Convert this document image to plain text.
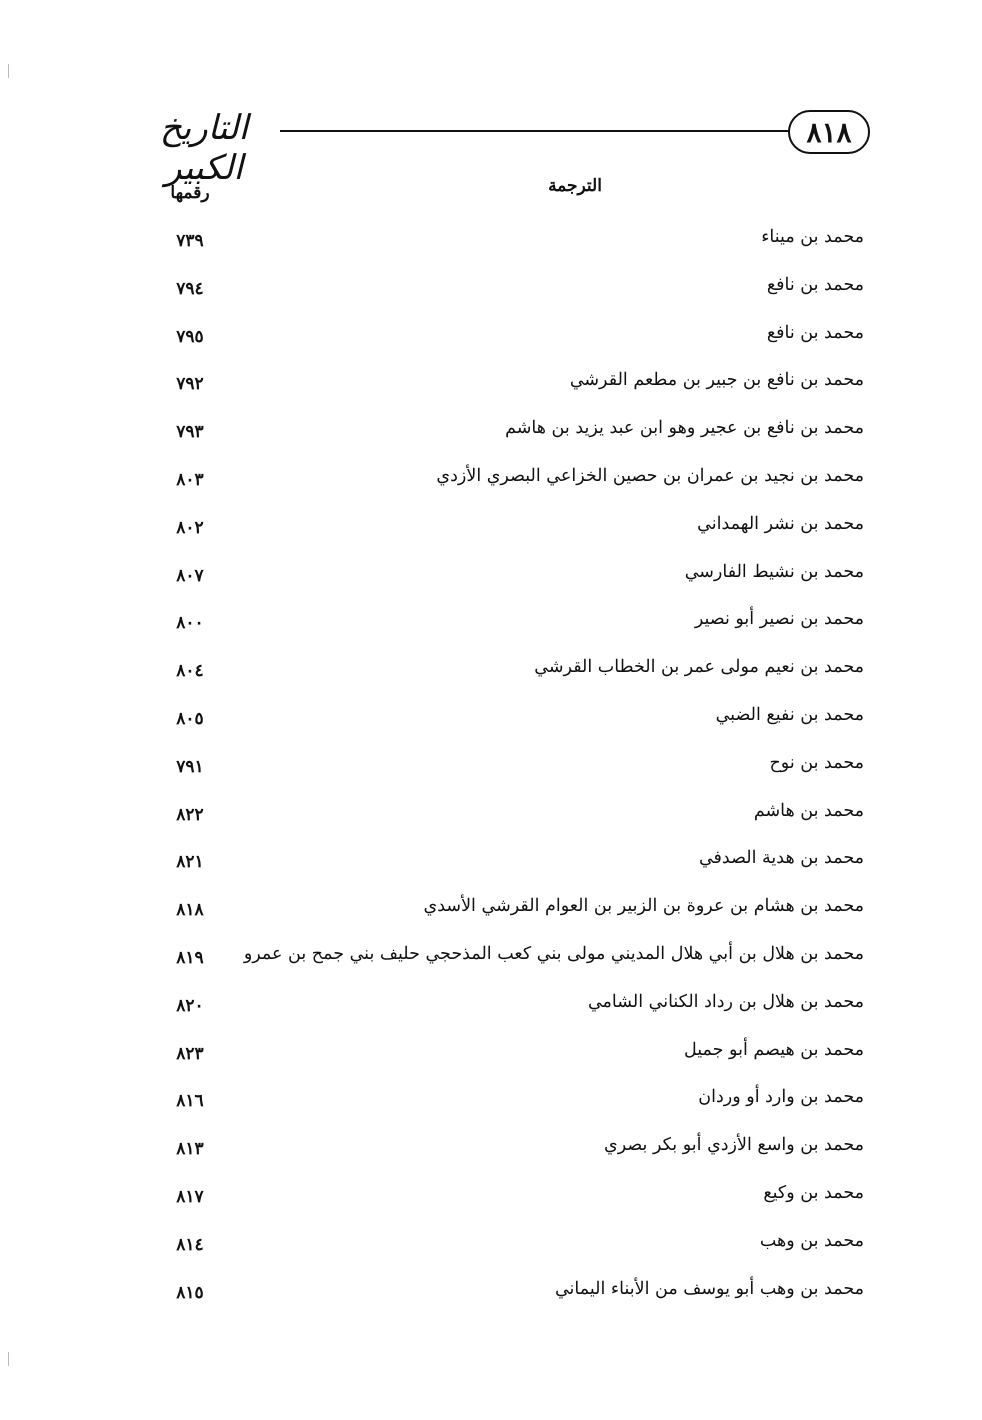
التاريخ الكبير
٨١٨
الترجمة
رقمها
محمد بن ميناء
٧٣٩
محمد بن نافع
٧٩٤
محمد بن نافع
٧٩٥
محمد بن نافع بن جبير بن مطعم القرشي
٧٩٢
محمد بن نافع بن عجير وهو ابن عبد يزيد بن هاشم
٧٩٣
محمد بن نجيد بن عمران بن حصين الخزاعي البصري الأزدي
٨٠٣
محمد بن نشر الهمداني
٨٠٢
محمد بن نشيط الفارسي
٨٠٧
محمد بن نصير أبو نصير
٨٠٠
محمد بن نعيم مولى عمر بن الخطاب القرشي
٨٠٤
محمد بن نفيع الضبي
٨٠٥
محمد بن نوح
٧٩١
محمد بن هاشم
٨٢٢
محمد بن هدية الصدفي
٨٢١
محمد بن هشام بن عروة بن الزبير بن العوام القرشي الأسدي
٨١٨
محمد بن هلال بن أبي هلال المديني مولى بني كعب المذحجي حليف بني جمح بن عمرو
٨١٩
محمد بن هلال بن رداد الكناني الشامي
٨٢٠
محمد بن هيصم أبو جميل
٨٢٣
محمد بن وارد أو وردان
٨١٦
محمد بن واسع الأزدي أبو بكر بصري
٨١٣
محمد بن وكيع
٨١٧
محمد بن وهب
٨١٤
محمد بن وهب أبو يوسف من الأبناء اليماني
٨١٥
